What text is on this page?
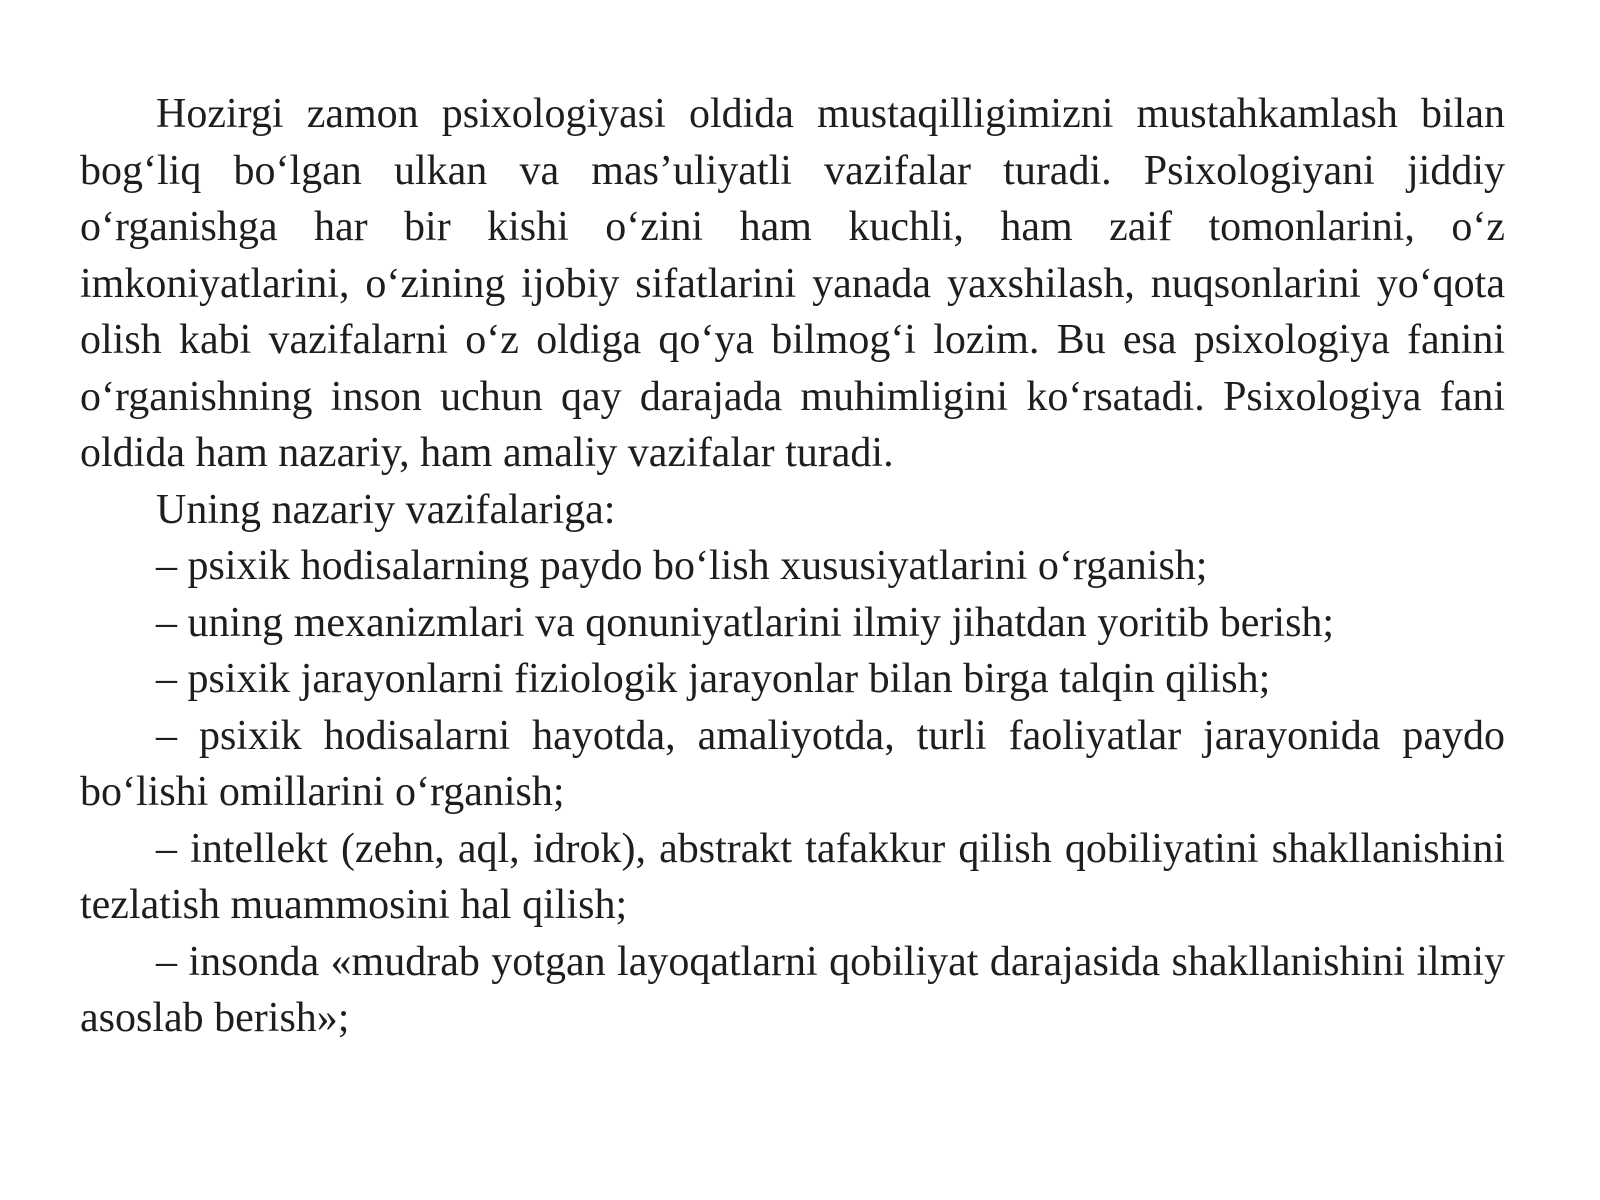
Hozirgi zamon psixologiyasi oldida mustaqilligimizni mustahkamlash bilan bog‘liq bo‘lgan ulkan va mas’uliyatli vazifalar turadi. Psixologiyani jiddiy o‘rganishga har bir kishi o‘zini ham kuchli, ham zaif tomonlarini, o‘z imkoniyatlarini, o‘zining ijobiy sifatlarini yanada yaxshilash, nuqsonlarini yo‘qota olish kabi vazifalarni o‘z oldiga qo‘ya bilmog‘i lozim. Bu esa psixologiya fanini o‘rganishning inson uchun qay darajada muhimligini ko‘rsatadi. Psixologiya fani oldida ham nazariy, ham amaliy vazifalar turadi.

Uning nazariy vazifalariga:

– psixik hodisalarning paydo bo‘lish xususiyatlarini o‘rganish;

– uning mexanizmlari va qonuniyatlarini ilmiy jihatdan yoritib berish;

– psixik jarayonlarni fiziologik jarayonlar bilan birga talqin qilish;

– psixik hodisalarni hayotda, amaliyotda, turli faoliyatlar jarayonida paydo bo‘lishi omillarini o‘rganish;

– intellekt (zehn, aql, idrok), abstrakt tafakkur qilish qobiliyatini shakllanishini tezlatish muammosini hal qilish;

– insonda «mudrab yotgan layoqatlarni qobiliyat darajasida shakllanishini ilmiy asoslab berish»;
